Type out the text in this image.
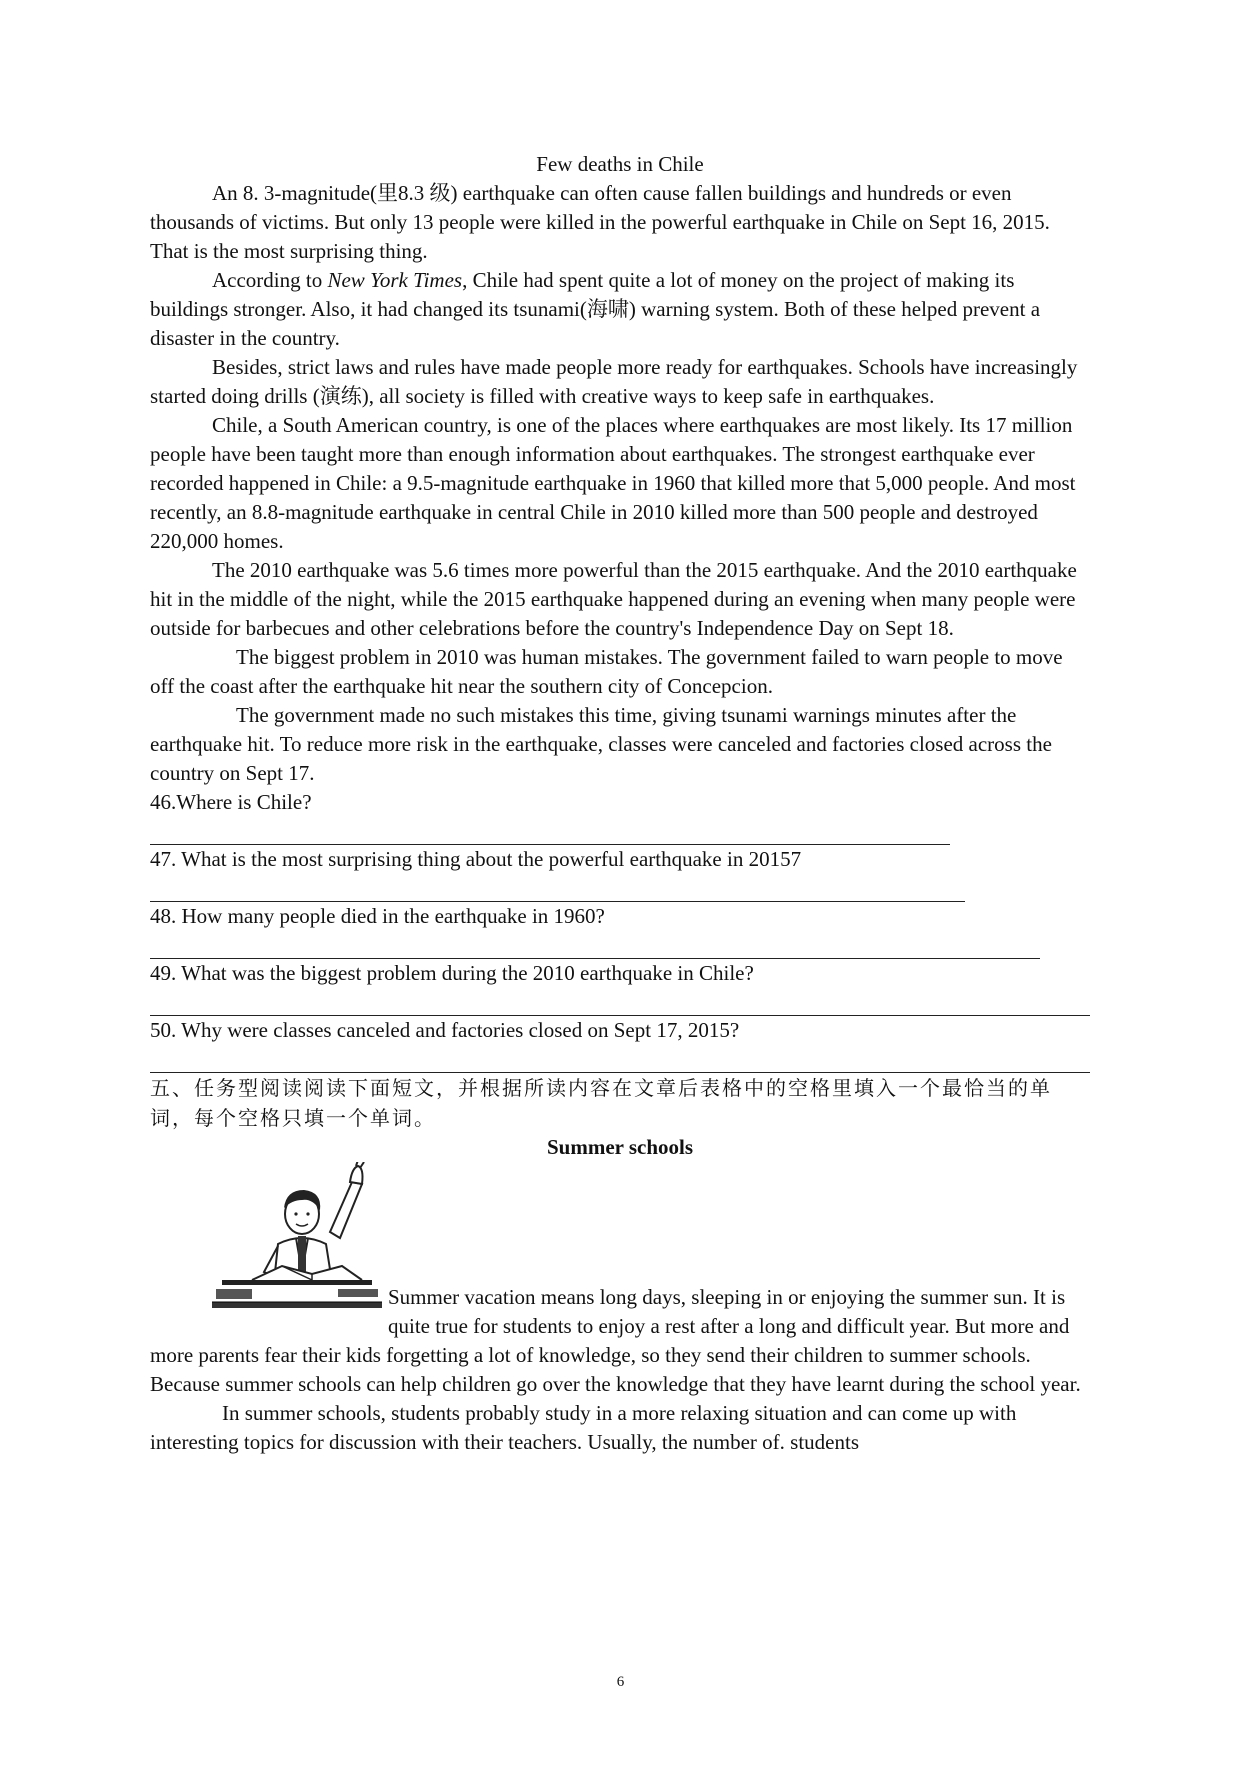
Few deaths in Chile

An 8. 3-magnitude(里8.3 级) earthquake can often cause fallen buildings and hundreds or even thousands of victims. But only 13 people were killed in the powerful earthquake in Chile on Sept 16, 2015. That is the most surprising thing.

According to New York Times, Chile had spent quite a lot of money on the project of making its buildings stronger. Also, it had changed its tsunami(海啸) warning system. Both of these helped prevent a disaster in the country.

Besides, strict laws and rules have made people more ready for earthquakes. Schools have increasingly started doing drills (演练), all society is filled with creative ways to keep safe in earthquakes.

Chile, a South American country, is one of the places where earthquakes are most likely. Its 17 million people have been taught more than enough information about earthquakes. The strongest earthquake ever recorded happened in Chile: a 9.5-magnitude earthquake in 1960 that killed more that 5,000 people. And most recently, an 8.8-magnitude earthquake in central Chile in 2010 killed more than 500 people and destroyed 220,000 homes.

The 2010 earthquake was 5.6 times more powerful than the 2015 earthquake. And the 2010 earthquake hit in the middle of the night, while the 2015 earthquake happened during an evening when many people were outside for barbecues and other celebrations before the country's Independence Day on Sept 18.

The biggest problem in 2010 was human mistakes. The government failed to warn people to move off the coast after the earthquake hit near the southern city of Concepcion.

The government made no such mistakes this time, giving tsunami warnings minutes after the earthquake hit. To reduce more risk in the earthquake, classes were canceled and factories closed across the country on Sept 17.

46.Where is Chile?

47. What is the most surprising thing about the powerful earthquake in 20157

48. How many people died in the earthquake in 1960?

49. What was the biggest problem during the 2010 earthquake in Chile?

50. Why were classes canceled and factories closed on Sept 17, 2015?

五、任务型阅读阅读下面短文，并根据所读内容在文章后表格中的空格里填入一个最恰当的单词，每个空格只填一个单词。

Summer schools

Summer vacation means long days, sleeping in or enjoying the summer sun. It is quite true for students to enjoy a rest after a long and difficult year. But more and more parents fear their kids forgetting a lot of knowledge, so they send their children to summer schools. Because summer schools can help children go over the knowledge that they have learnt during the school year.

In summer schools, students probably study in a more relaxing situation and can come up with interesting topics for discussion with their teachers. Usually, the number of. students

6
